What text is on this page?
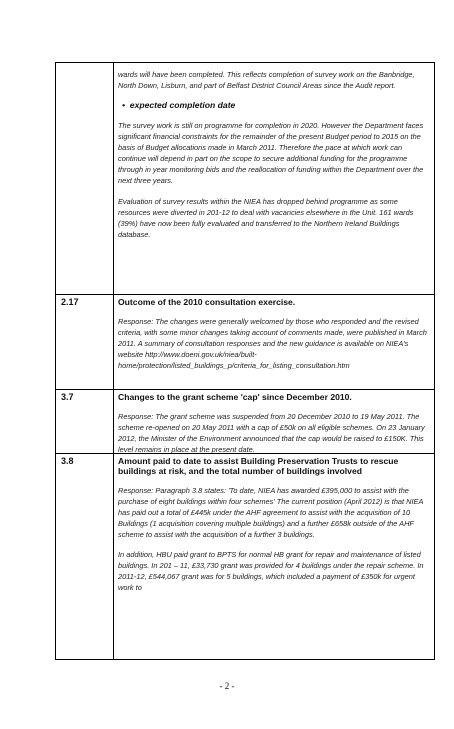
wards will have been completed. This reflects completion of survey work on the Banbridge, North Down, Lisburn, and part of Belfast District Council Areas since the Audit report.

• expected completion date

The survey work is still on programme for completion in 2020. However the Department faces significant financial constraints for the remainder of the present Budget period to 2015 on the basis of Budget allocations made in March 2011. Therefore the pace at which work can continue will depend in part on the scope to secure additional funding for the programme through in year monitoring bids and the reallocation of funding within the Department over the next three years.

Evaluation of survey results within the NIEA has dropped behind programme as some resources were diverted in 201-12 to deal with vacancies elsewhere in the Unit. 161 wards (39%) have now been fully evaluated and transferred to the Northern Ireland Buildings database.

2.17	Outcome of the 2010 consultation exercise.

Response: The changes were generally welcomed by those who responded and the revised criteria, with some minor changes taking account of comments made, were published in March 2011. A summary of consultation responses and the new guidance is available on NIEA's website http://www.doeni.gov.uk/niea/built-home/protection/listed_buildings_p/criteria_for_listing_consultation.htm

3.7	Changes to the grant scheme 'cap' since December 2010.

Response: The grant scheme was suspended from 20 December 2010 to 19 May 2011. The scheme re-opened on 20 May 2011 with a cap of £50k on all eligible schemes. On 23 January 2012, the Minister of the Environment announced that the cap would be raised to £150K. This level remains in place at the present date.

3.8	Amount paid to date to assist Building Preservation Trusts to rescue buildings at risk, and the total number of buildings involved

Response: Paragraph 3.8 states: 'To date, NIEA has awarded £395,000 to assist with the purchase of eight buildings within four schemes' The current position (April 2012) is that NIEA has paid out a total of £445k under the AHF agreement to assist with the acquisition of 10 Buildings (1 acquisition covering multiple buildings) and a further £658k outside of the AHF scheme to assist with the acquisition of a further 3 buildings.

In addition, HBU paid grant to BPTS for normal HB grant for repair and maintenance of listed buildings. In 201 – 11, £33,730 grant was provided for 4 buildings under the repair scheme. In 2011-12, £544,067 grant was for 5 buildings, which included a payment of £350k for urgent work to

- 2 -
